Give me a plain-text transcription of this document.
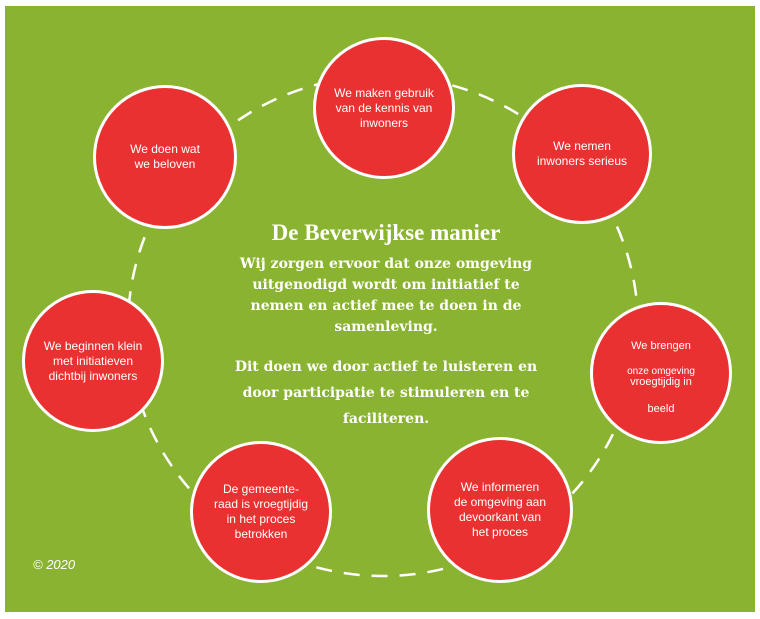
We maken gebruik
van de kennis van
inwoners
We nemen
inwoners serieus
We brengen
onze omgeving
vroegtijdig in
beeld
We informeren
de omgeving aan
devoorkant van
het proces
De gemeente-
raad is vroegtijdig
in het proces
betrokken
We beginnen klein
met initiatieven
dichtbij inwoners
We doen wat
we beloven
De Beverwijkse manier

Wij zorgen ervoor dat onze omgeving
uitgenodigd wordt om initiatief te
nemen en actief mee te doen in de
samenleving.

Dit doen we door actief te luisteren en
door participatie te stimuleren en te
faciliteren.

© 2020
